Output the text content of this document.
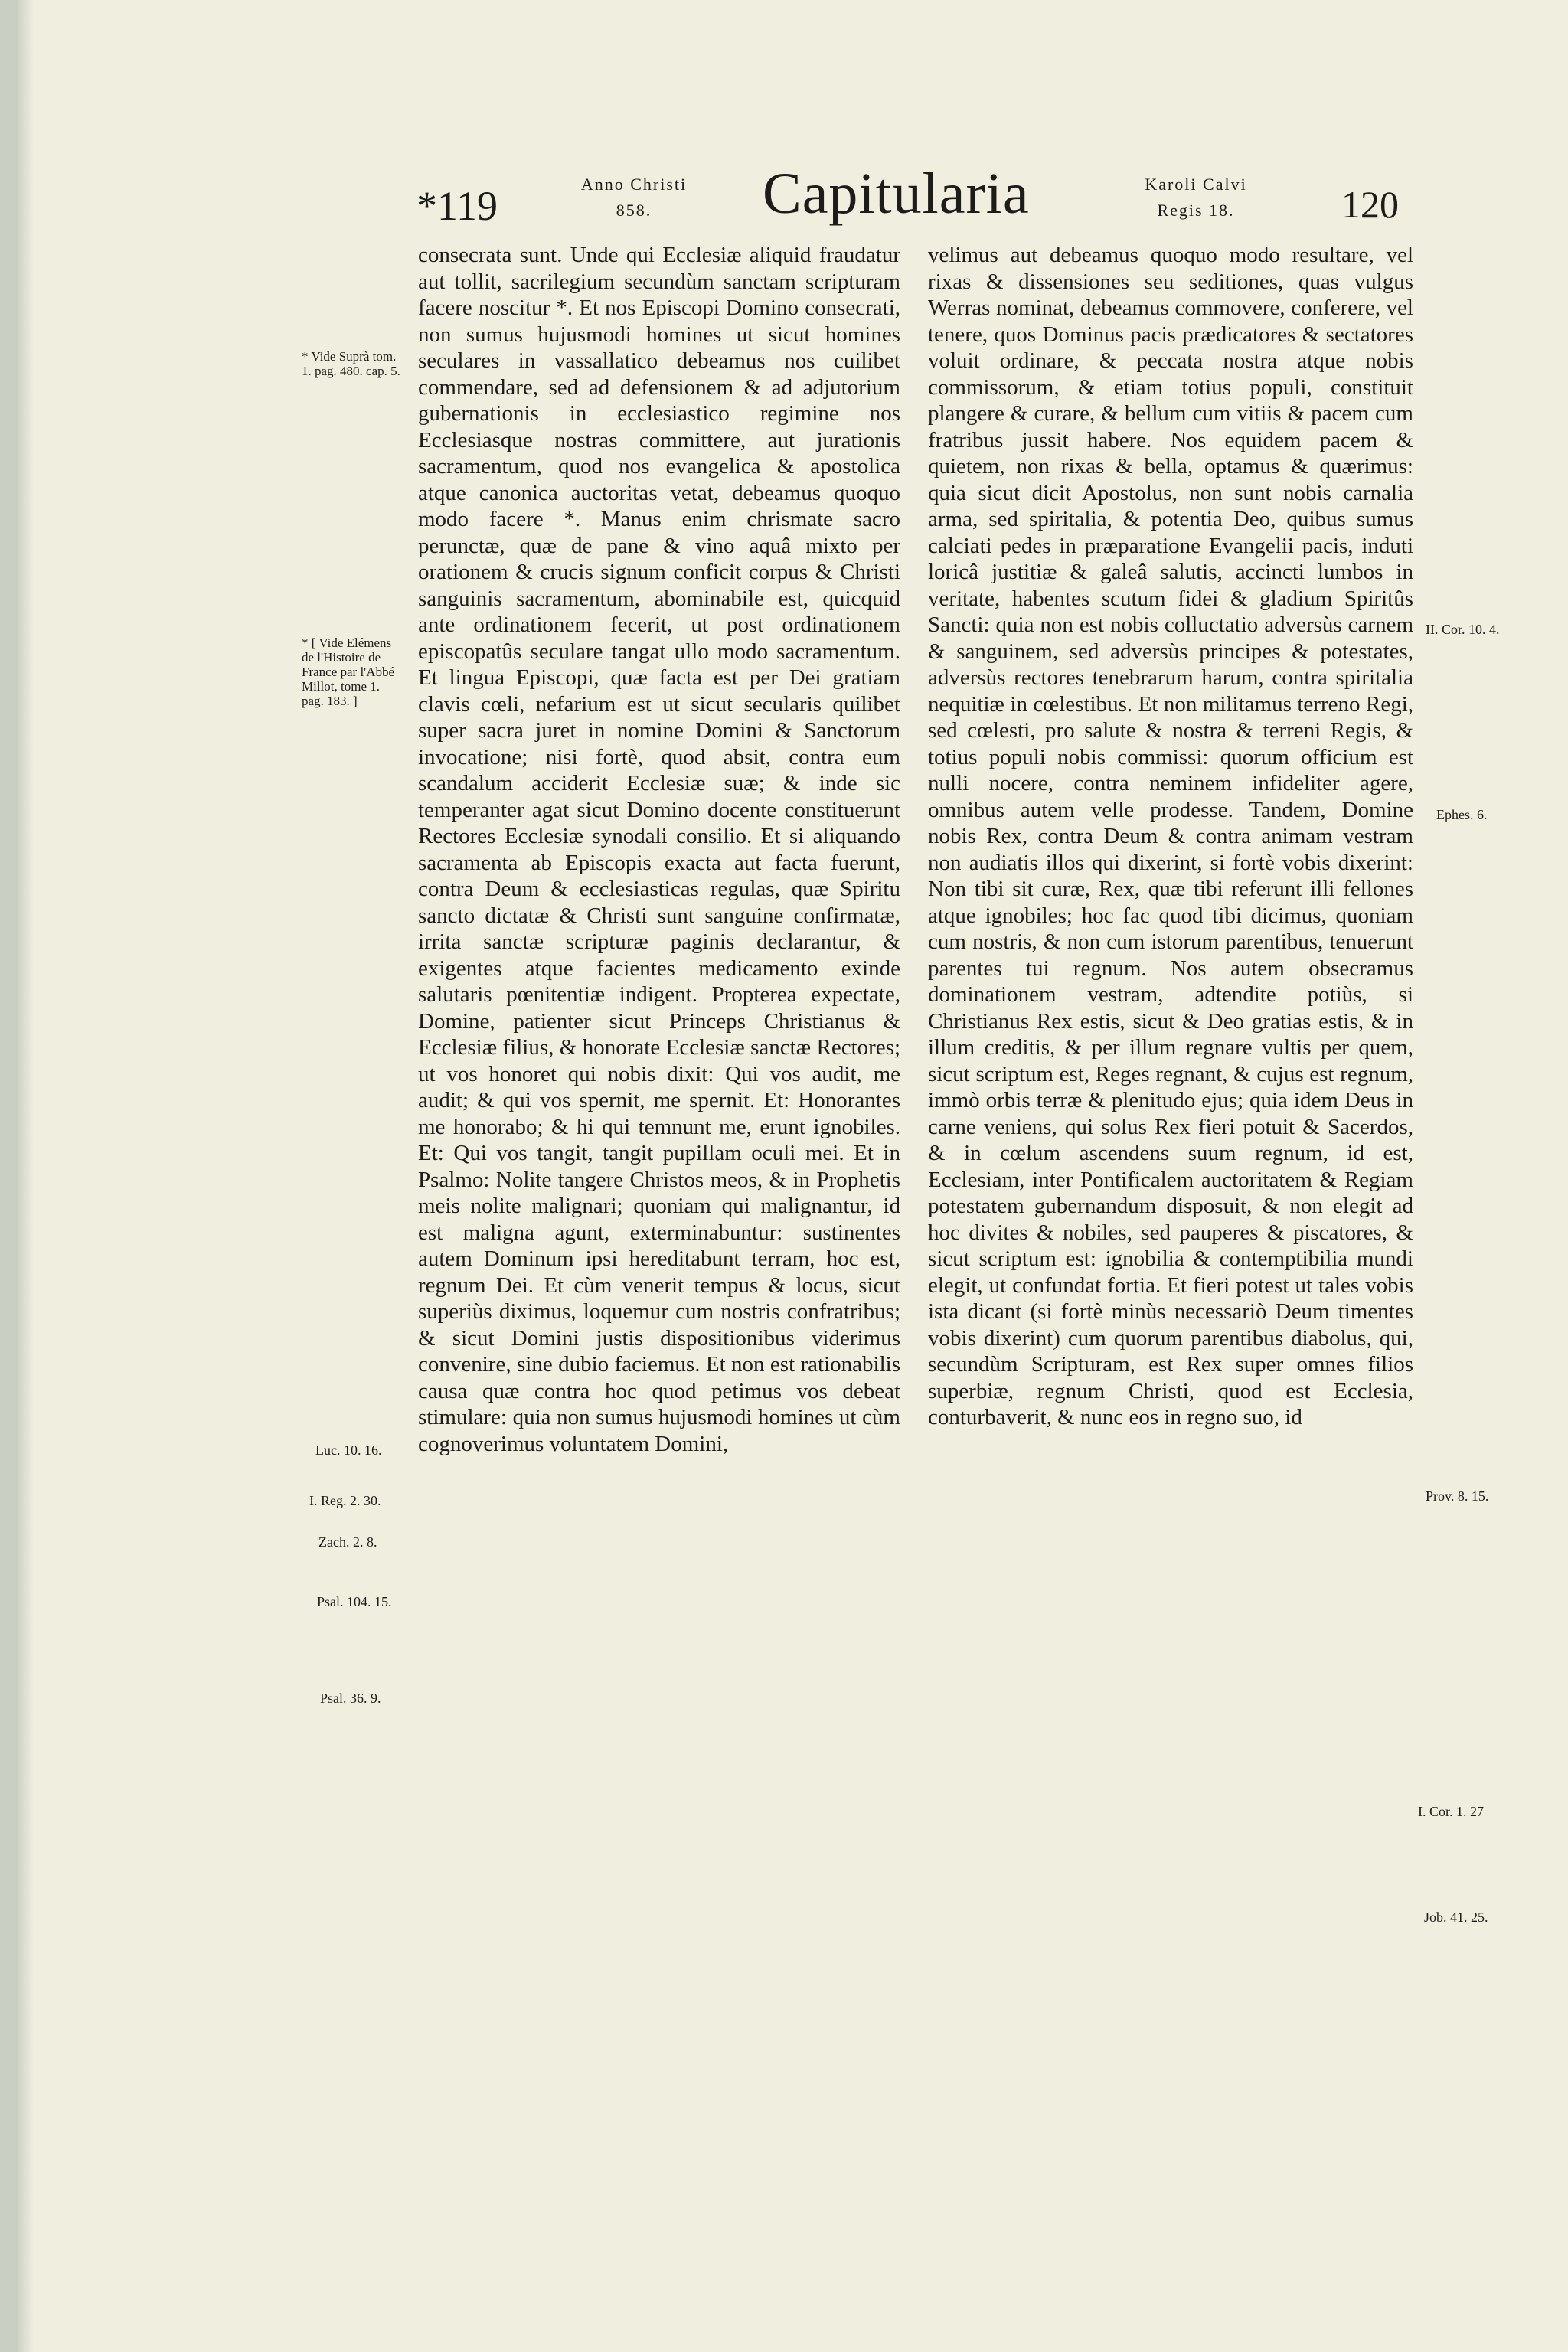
*119	Anno Christi
858.	Capitularia	Karoli Calvi
Regis 18.	120

consecrata sunt. Unde qui Ecclesiæ aliquid fraudatur aut tollit, sacrilegium secundùm sanctam scripturam facere noscitur *. Et nos Episcopi Domino consecrati, non sumus hujusmodi homines ut sicut homines seculares in vassallatico debeamus nos cuilibet commendare, sed ad defensionem & ad adjutorium gubernationis in ecclesiastico regimine nos Ecclesiasque nostras committere, aut jurationis sacramentum, quod nos evangelica & apostolica atque canonica auctoritas vetat, debeamus quoquo modo facere *. Manus enim chrismate sacro perunctæ, quæ de pane & vino aquâ mixto per orationem & crucis signum conficit corpus & Christi sanguinis sacramentum, abominabile est, quicquid ante ordinationem fecerit, ut post ordinationem episcopatûs seculare tangat ullo modo sacramentum. Et lingua Episcopi, quæ facta est per Dei gratiam clavis cœli, nefarium est ut sicut secularis quilibet super sacra juret in nomine Domini & Sanctorum invocatione; nisi fortè, quod absit, contra eum scandalum acciderit Ecclesiæ suæ; & inde sic temperanter agat sicut Domino docente constituerunt Rectores Ecclesiæ synodali consilio. Et si aliquando sacramenta ab Episcopis exacta aut facta fuerunt, contra Deum & ecclesiasticas regulas, quæ Spiritu sancto dictatæ & Christi sunt sanguine confirmatæ, irrita sanctæ scripturæ paginis declarantur, & exigentes atque facientes medicamento exinde salutaris pœnitentiæ indigent. Propterea expectate, Domine, patienter sicut Princeps Christianus & Ecclesiæ filius, & honorate Ecclesiæ sanctæ Rectores; ut vos honoret qui nobis dixit: Qui vos audit, me audit; & qui vos spernit, me spernit. Et: Honorantes me honorabo; & hi qui temnunt me, erunt ignobiles. Et: Qui vos tangit, tangit pupillam oculi mei. Et in Psalmo: Nolite tangere Christos meos, & in Prophetis meis nolite malignari; quoniam qui malignantur, id est maligna agunt, exterminabuntur: sustinentes autem Dominum ipsi hereditabunt terram, hoc est, regnum Dei. Et cùm venerit tempus & locus, sicut superiùs diximus, loquemur cum nostris confratribus; & sicut Domini justis dispositionibus viderimus convenire, sine dubio faciemus. Et non est rationabilis causa quæ contra hoc quod petimus vos debeat stimulare: quia non sumus hujusmodi homines ut cùm cognoverimus voluntatem Domini,

velimus aut debeamus quoquo modo resultare, vel rixas & dissensiones seu seditiones, quas vulgus Werras nominat, debeamus commovere, conferere, vel tenere, quos Dominus pacis prædicatores & sectatores voluit ordinare, & peccata nostra atque nobis commissorum, & etiam totius populi, constituit plangere & curare, & bellum cum vitiis & pacem cum fratribus jussit habere. Nos equidem pacem & quietem, non rixas & bella, optamus & quærimus: quia sicut dicit Apostolus, non sunt nobis carnalia arma, sed spiritalia, & potentia Deo, quibus sumus calciati pedes in præparatione Evangelii pacis, induti loricâ justitiæ & galeâ salutis, accincti lumbos in veritate, habentes scutum fidei & gladium Spiritûs Sancti: quia non est nobis colluctatio adversùs carnem & sanguinem, sed adversùs principes & potestates, adversùs rectores tenebrarum harum, contra spiritalia nequitiæ in cœlestibus. Et non militamus terreno Regi, sed cœlesti, pro salute & nostra & terreni Regis, & totius populi nobis commissi: quorum officium est nulli nocere, contra neminem infideliter agere, omnibus autem velle prodesse. Tandem, Domine nobis Rex, contra Deum & contra animam vestram non audiatis illos qui dixerint, si fortè vobis dixerint: Non tibi sit curæ, Rex, quæ tibi referunt illi fellones atque ignobiles; hoc fac quod tibi dicimus, quoniam cum nostris, & non cum istorum parentibus, tenuerunt parentes tui regnum. Nos autem obsecramus dominationem vestram, adtendite potiùs, si Christianus Rex estis, sicut & Deo gratias estis, & in illum creditis, & per illum regnare vultis per quem, sicut scriptum est, Reges regnant, & cujus est regnum, immò orbis terræ & plenitudo ejus; quia idem Deus in carne veniens, qui solus Rex fieri potuit & Sacerdos, & in cœlum ascendens suum regnum, id est, Ecclesiam, inter Pontificalem auctoritatem & Regiam potestatem gubernandum disposuit, & non elegit ad hoc divites & nobiles, sed pauperes & piscatores, & sicut scriptum est: ignobilia & contemptibilia mundi elegit, ut confundat fortia. Et fieri potest ut tales vobis ista dicant (si fortè minùs necessariò Deum timentes vobis dixerint) cum quorum parentibus diabolus, qui, secundùm Scripturam, est Rex super omnes filios superbiæ, regnum Christi, quod est Ecclesia, conturbaverit, & nunc eos in regno suo, id

* Vide Suprà tom. 1. pag. 480. cap. 5.
* [ Vide Elémens de l'Histoire de France par l'Abbé Millot, tome 1. pag. 183. ]
Luc. 10. 16.
I. Reg. 2. 30.
Zach. 2. 8.
Psal. 104. 15.
Psal. 36. 9.
II. Cor. 10. 4.
Ephes. 6.
Prov. 8. 15.
I. Cor. 1. 27
Job. 41. 25.
